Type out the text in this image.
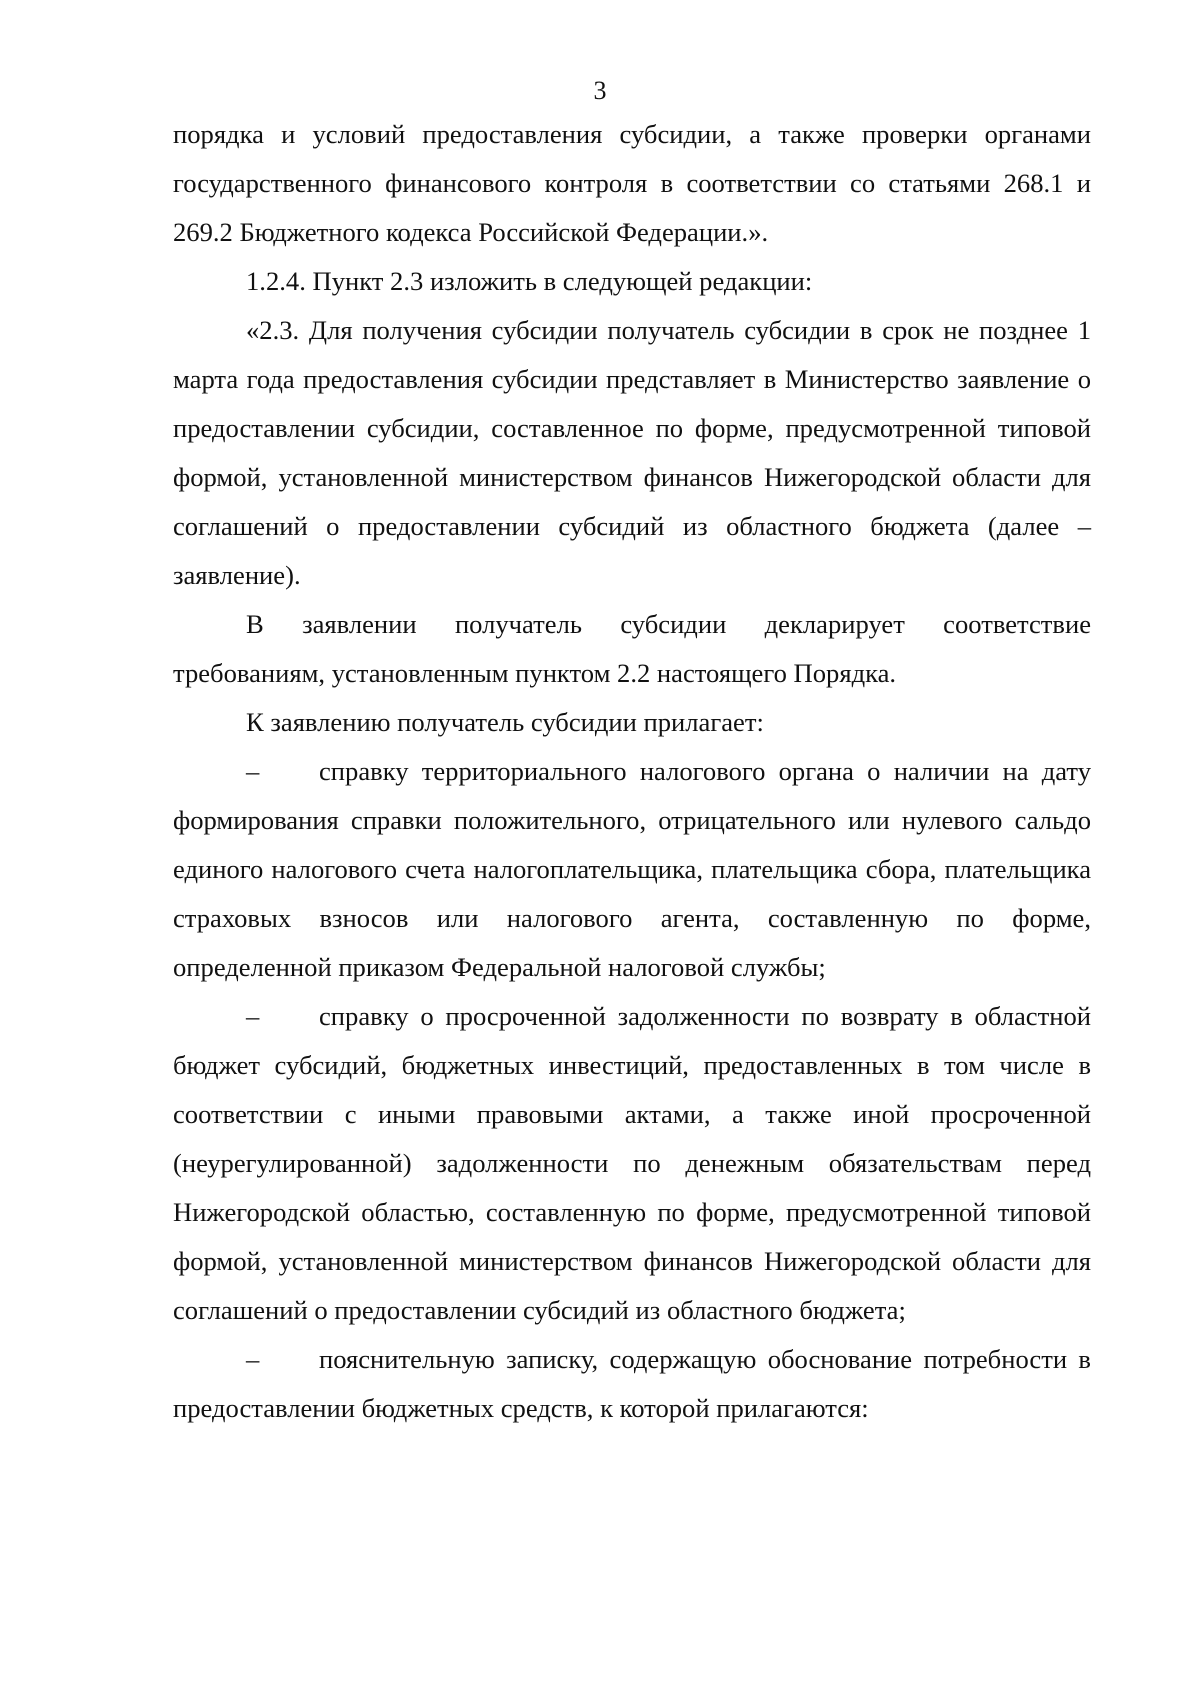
3

порядка и условий предоставления субсидии, а также проверки органами государственного финансового контроля в соответствии со статьями 268.1 и 269.2 Бюджетного кодекса Российской Федерации.».

1.2.4. Пункт 2.3 изложить в следующей редакции:

«2.3. Для получения субсидии получатель субсидии в срок не позднее 1 марта года предоставления субсидии представляет в Министерство заявление о предоставлении субсидии, составленное по форме, предусмотренной типовой формой, установленной министерством финансов Нижегородской области для соглашений о предоставлении субсидий из областного бюджета (далее – заявление).

В заявлении получатель субсидии декларирует соответствие требованиям, установленным пунктом 2.2 настоящего Порядка.

К заявлению получатель субсидии прилагает:

– справку территориального налогового органа о наличии на дату формирования справки положительного, отрицательного или нулевого сальдо единого налогового счета налогоплательщика, плательщика сбора, плательщика страховых взносов или налогового агента, составленную по форме, определенной приказом Федеральной налоговой службы;

– справку о просроченной задолженности по возврату в областной бюджет субсидий, бюджетных инвестиций, предоставленных в том числе в соответствии с иными правовыми актами, а также иной просроченной (неурегулированной) задолженности по денежным обязательствам перед Нижегородской областью, составленную по форме, предусмотренной типовой формой, установленной министерством финансов Нижегородской области для соглашений о предоставлении субсидий из областного бюджета;

– пояснительную записку, содержащую обоснование потребности в предоставлении бюджетных средств, к которой прилагаются:
